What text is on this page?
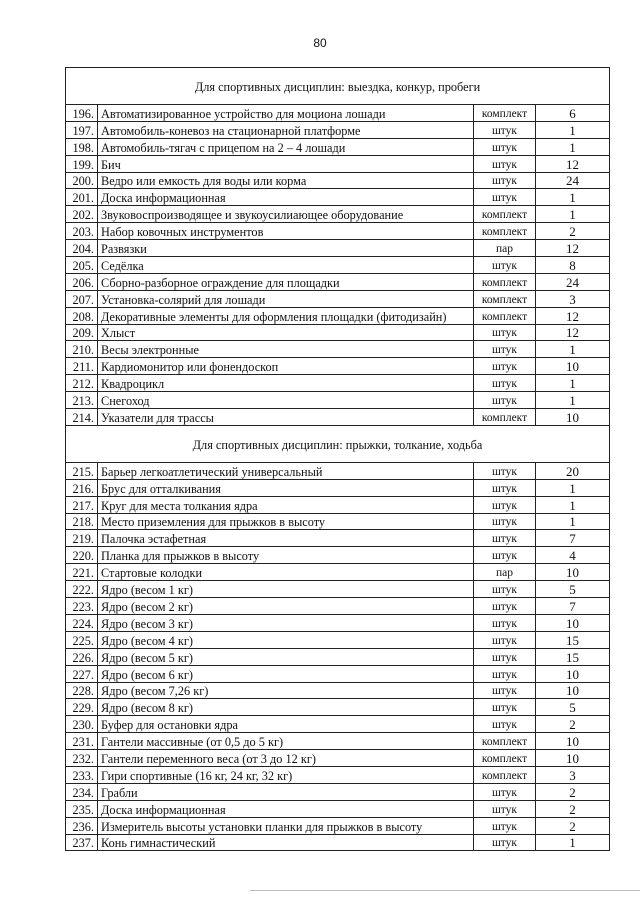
80
Для спортивных дисциплин: выездка, конкур, пробеги			
196.	Автоматизированное устройство для моциона лошади	комплект	6
197.	Автомобиль-коневоз на стационарной платформе	штук	1
198.	Автомобиль-тягач с прицепом на 2 – 4 лошади	штук	1
199.	Бич	штук	12
200.	Ведро или емкость для воды или корма	штук	24
201.	Доска информационная	штук	1
202.	Звуковоспроизводящее и звукоусилиающее оборудование	комплект	1
203.	Набор ковочных инструментов	комплект	2
204.	Развязки	пар	12
205.	Седёлка	штук	8
206.	Сборно-разборное ограждение для площадки	комплект	24
207.	Установка-солярий для лошади	комплект	3
208.	Декоративные элементы для оформления площадки (фитодизайн)	комплект	12
209.	Хлыст	штук	12
210.	Весы электронные	штук	1
211.	Кардиомонитор или фонендоскоп	штук	10
212.	Квадроцикл	штук	1
213.	Снегоход	штук	1
214.	Указатели для трассы	комплект	10
Для спортивных дисциплин: прыжки, толкание, ходьба			
215.	Барьер легкоатлетический универсальный	штук	20
216.	Брус для отталкивания	штук	1
217.	Круг для места толкания ядра	штук	1
218.	Место приземления для прыжков в высоту	штук	1
219.	Палочка эстафетная	штук	7
220.	Планка для прыжков в высоту	штук	4
221.	Стартовые колодки	пар	10
222.	Ядро (весом 1 кг)	штук	5
223.	Ядро (весом 2 кг)	штук	7
224.	Ядро (весом 3 кг)	штук	10
225.	Ядро (весом 4 кг)	штук	15
226.	Ядро (весом 5 кг)	штук	15
227.	Ядро (весом 6 кг)	штук	10
228.	Ядро (весом 7,26 кг)	штук	10
229.	Ядро (весом 8 кг)	штук	5
230.	Буфер для остановки ядра	штук	2
231.	Гантели массивные (от 0,5 до 5 кг)	комплект	10
232.	Гантели переменного веса (от 3 до 12 кг)	комплект	10
233.	Гири спортивные (16 кг, 24 кг, 32 кг)	комплект	3
234.	Грабли	штук	2
235.	Доска информационная	штук	2
236.	Измеритель высоты установки планки для прыжков в высоту	штук	2
237.	Конь гимнастический	штук	1
